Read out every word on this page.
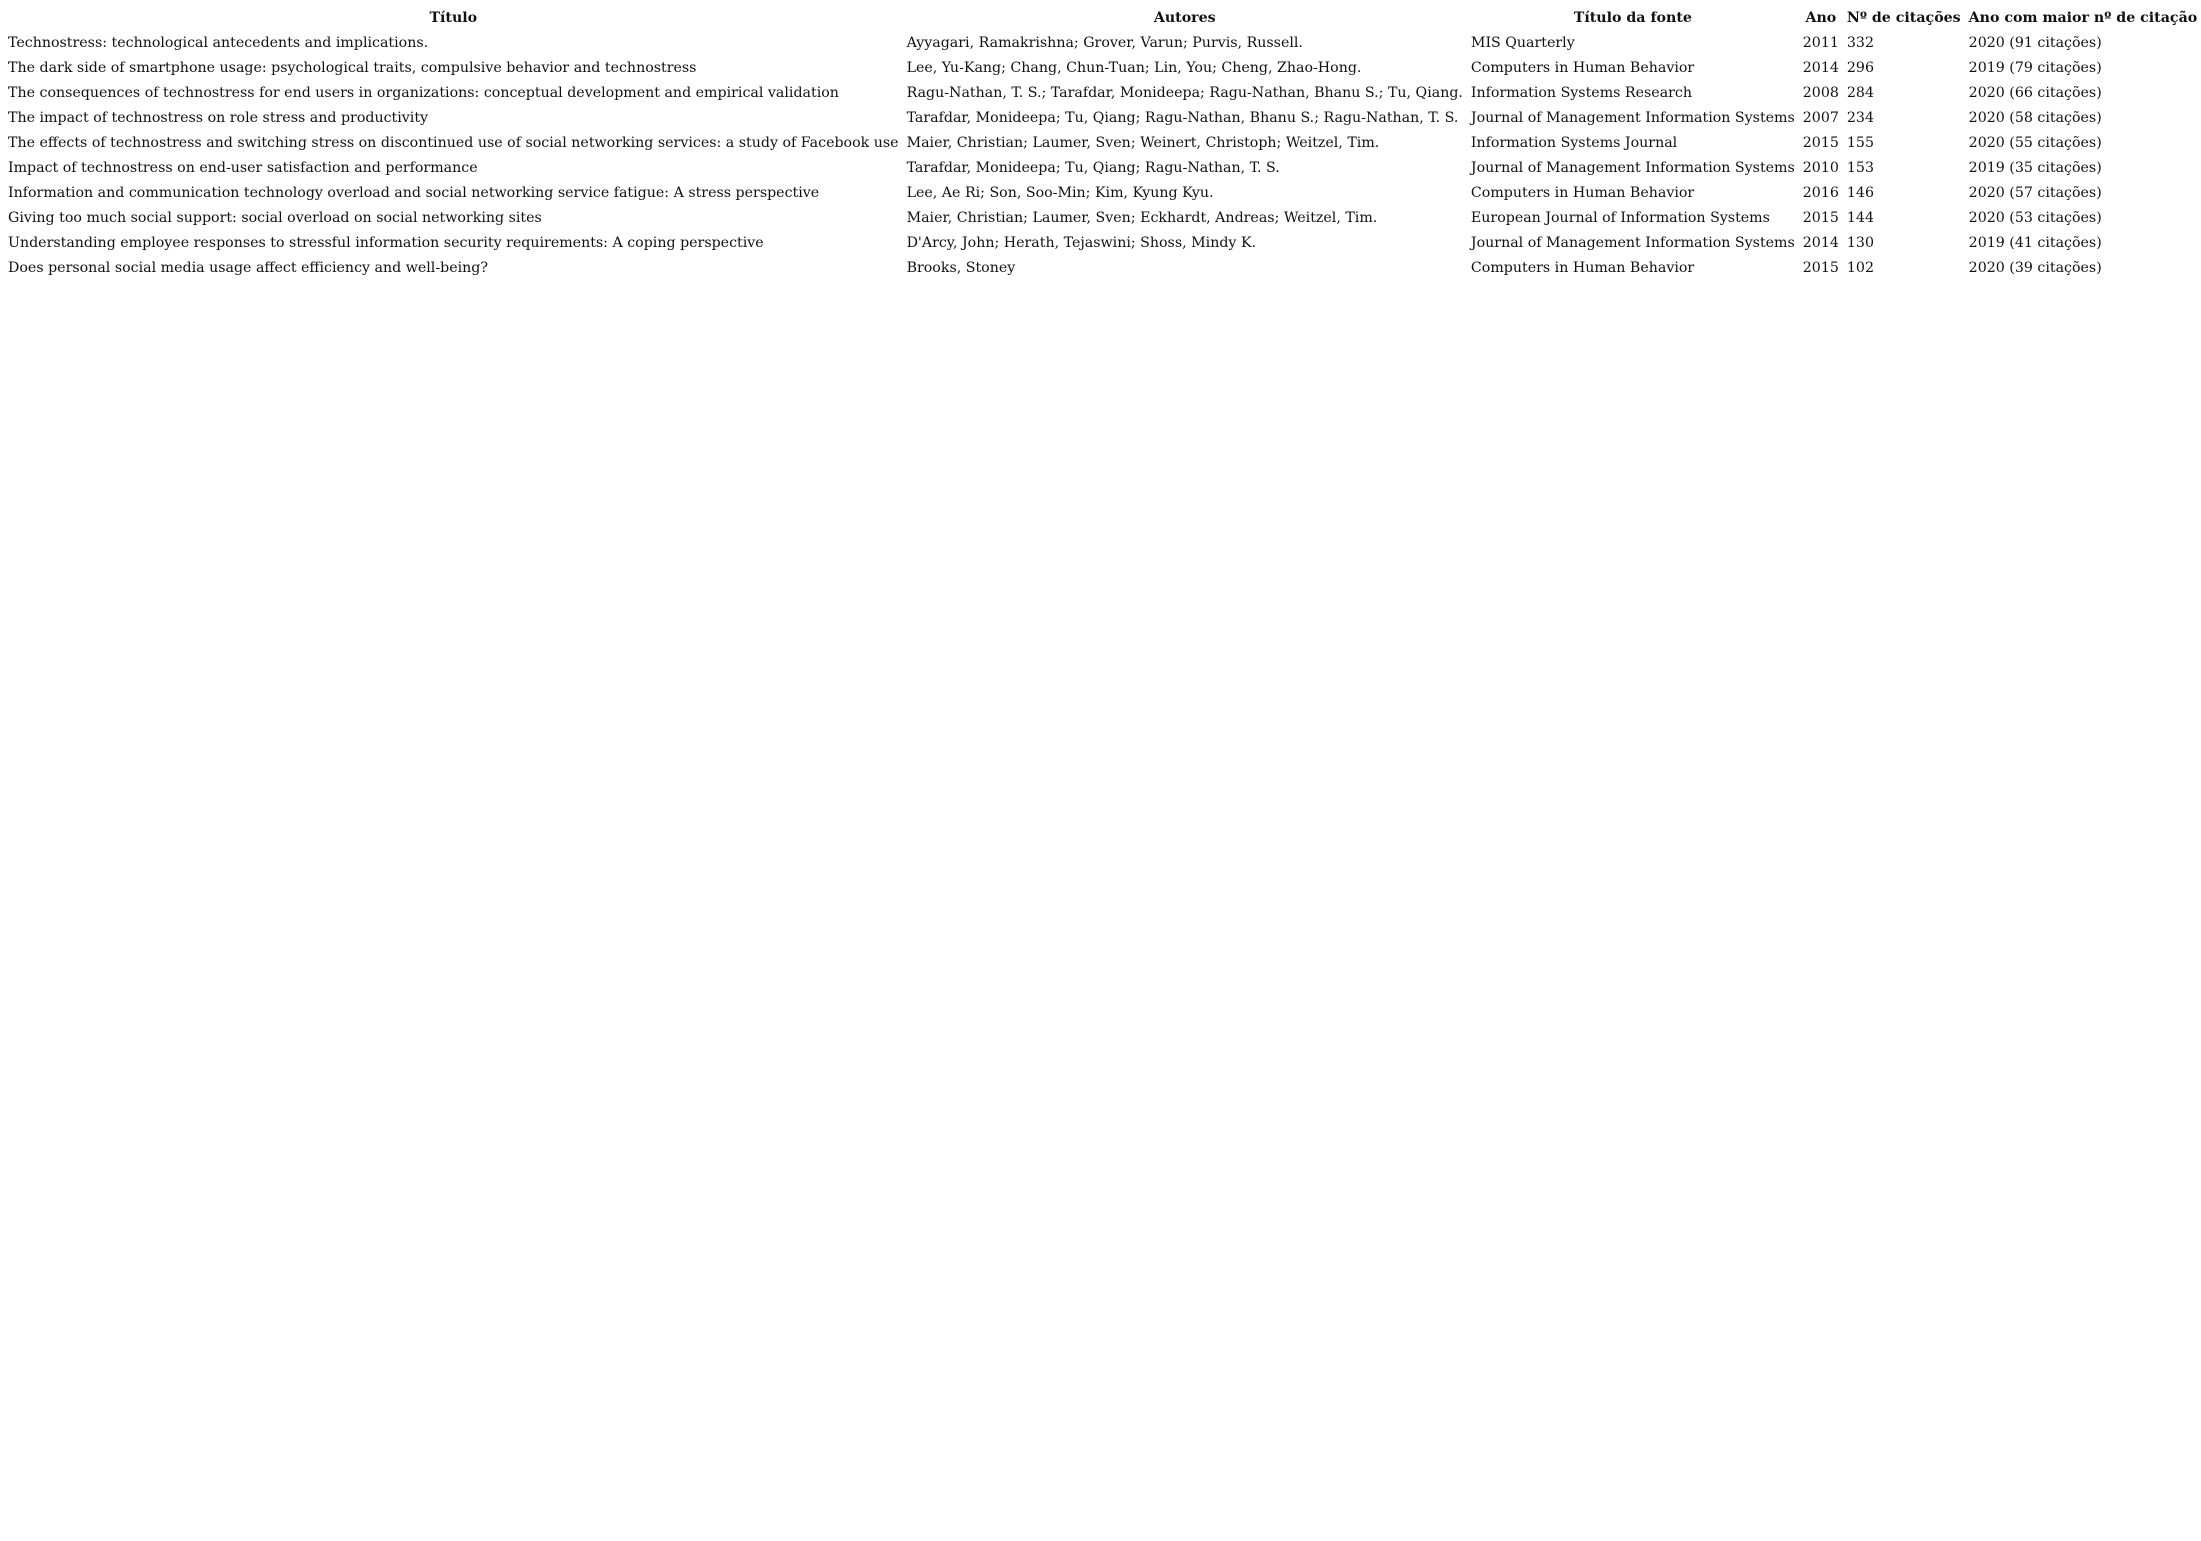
Título	Autores	Título da fonte	Ano	Nº de citações	Ano com maior nº de citação
Technostress: technological antecedents and implications.	Ayyagari, Ramakrishna; Grover, Varun; Purvis, Russell.	MIS Quarterly	2011	332	2020 (91 citações)
The dark side of smartphone usage: psychological traits, compulsive behavior and technostress	Lee, Yu-Kang; Chang, Chun-Tuan; Lin, You; Cheng, Zhao-Hong.	Computers in Human Behavior	2014	296	2019 (79 citações)
The consequences of technostress for end users in organizations: conceptual development and empirical validation	Ragu-Nathan, T. S.; Tarafdar, Monideepa; Ragu-Nathan, Bhanu S.; Tu, Qiang.	Information Systems Research	2008	284	2020 (66 citações)
The impact of technostress on role stress and productivity	Tarafdar, Monideepa; Tu, Qiang; Ragu-Nathan, Bhanu S.; Ragu-Nathan, T. S.	Journal of Management Information Systems	2007	234	2020 (58 citações)
The effects of technostress and switching stress on discontinued use of social networking services: a study of Facebook use	Maier, Christian; Laumer, Sven; Weinert, Christoph; Weitzel, Tim.	Information Systems Journal	2015	155	2020 (55 citações)
Impact of technostress on end-user satisfaction and performance	Tarafdar, Monideepa; Tu, Qiang; Ragu-Nathan, T. S.	Journal of Management Information Systems	2010	153	2019 (35 citações)
Information and communication technology overload and social networking service fatigue: A stress perspective	Lee, Ae Ri; Son, Soo-Min; Kim, Kyung Kyu.	Computers in Human Behavior	2016	146	2020 (57 citações)
Giving too much social support: social overload on social networking sites	Maier, Christian; Laumer, Sven; Eckhardt, Andreas; Weitzel, Tim.	European Journal of Information Systems	2015	144	2020 (53 citações)
Understanding employee responses to stressful information security requirements: A coping perspective	D'Arcy, John; Herath, Tejaswini; Shoss, Mindy K.	Journal of Management Information Systems	2014	130	2019 (41 citações)
Does personal social media usage affect efficiency and well-being?	Brooks, Stoney	Computers in Human Behavior	2015	102	2020 (39 citações)
